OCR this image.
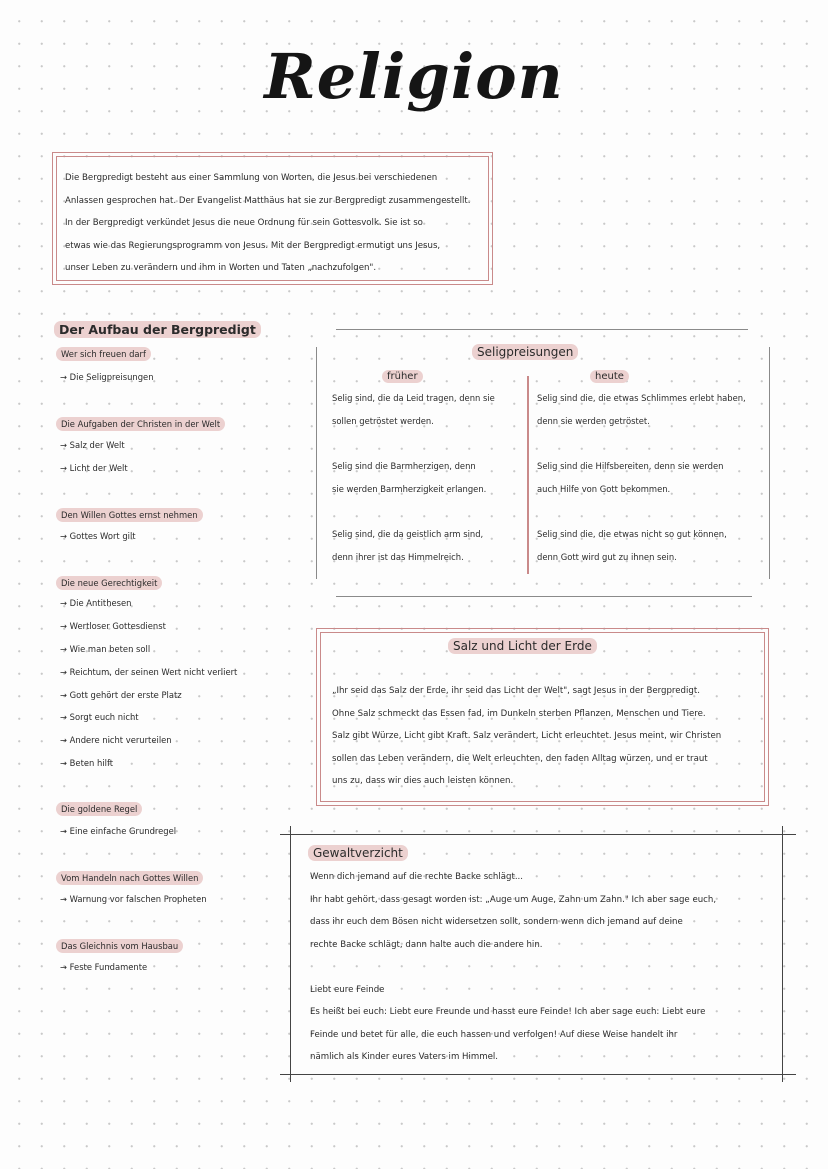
Religion
Die Bergpredigt besteht aus einer Sammlung von Worten, die Jesus bei verschiedenen
Anlassen gesprochen hat. Der Evangelist Matthäus hat sie zur Bergpredigt zusammengestellt.
In der Bergpredigt verkündet Jesus die neue Ordnung für sein Gottesvolk. Sie ist so
etwas wie das Regierungsprogramm von Jesus. Mit der Bergpredigt ermutigt uns Jesus,
unser Leben zu verändern und ihm in Worten und Taten „nachzufolgen".
Der Aufbau der Bergpredigt
Wer sich freuen darf
→ Die Seligpreisungen
Die Aufgaben der Christen in der Welt
→ Salz der Welt
→ Licht der Welt
Den Willen Gottes ernst nehmen
→ Gottes Wort gilt
Die neue Gerechtigkeit
→ Die Antithesen
→ Wertloser Gottesdienst
→ Wie man beten soll
→ Reichtum, der seinen Wert nicht verliert
→ Gott gehört der erste Platz
→ Sorgt euch nicht
→ Andere nicht verurteilen
→ Beten hilft
Die goldene Regel
→ Eine einfache Grundregel
Vom Handeln nach Gottes Willen
→ Warnung vor falschen Propheten
Das Gleichnis vom Hausbau
→ Feste Fundamente
Seligpreisungen
früher	heute
Selig sind, die da Leid tragen, denn sie
sollen getröstet werden.
Selig sind die Barmherzigen, denn
sie werden Barmherzigkeit erlangen.
Selig sind, die da geistlich arm sind,
denn ihrer ist das Himmelreich.
Selig sind die, die etwas Schlimmes erlebt haben,
denn sie werden getröstet.
Selig sind die Hilfsbereiten, denn sie werden
auch Hilfe von Gott bekommen.
Selig sind die, die etwas nicht so gut können,
denn Gott wird gut zu ihnen sein.
Salz und Licht der Erde
„Ihr seid das Salz der Erde, ihr seid das Licht der Welt", sagt Jesus in der Bergpredigt.
Ohne Salz schmeckt das Essen fad, im Dunkeln sterben Pflanzen, Menschen und Tiere.
Salz gibt Würze, Licht gibt Kraft. Salz verändert, Licht erleuchtet. Jesus meint, wir Christen
sollen das Leben verändern, die Welt erleuchten, den faden Alltag würzen, und er traut
uns zu, dass wir dies auch leisten können.
Gewaltverzicht
Wenn dich jemand auf die rechte Backe schlägt...
Ihr habt gehört, dass gesagt worden ist: „Auge um Auge, Zahn um Zahn." Ich aber sage euch,
dass ihr euch dem Bösen nicht widersetzen sollt, sondern wenn dich jemand auf deine
rechte Backe schlägt, dann halte auch die andere hin.
Liebt eure Feinde
Es heißt bei euch: Liebt eure Freunde und hasst eure Feinde! Ich aber sage euch: Liebt eure
Feinde und betet für alle, die euch hassen und verfolgen! Auf diese Weise handelt ihr
nämlich als Kinder eures Vaters im Himmel.
